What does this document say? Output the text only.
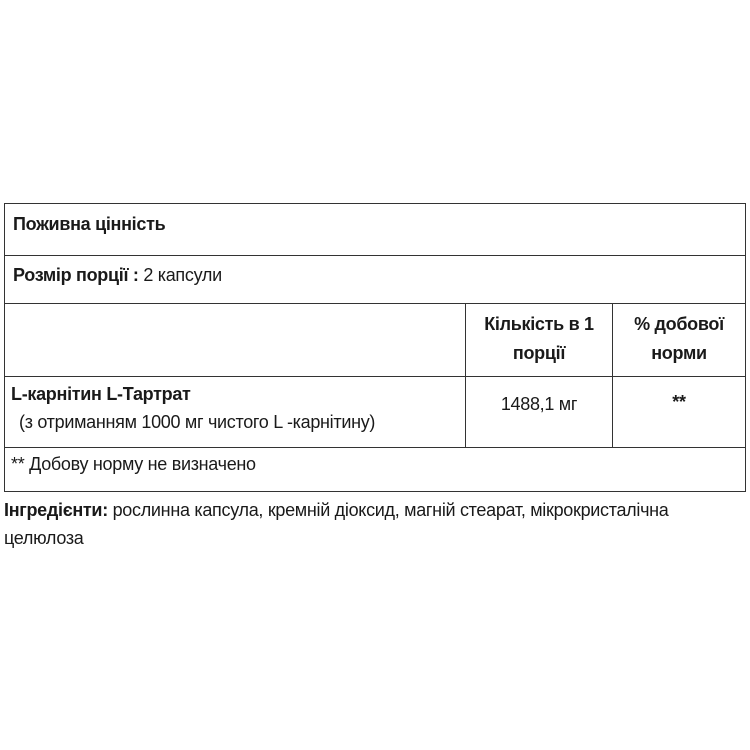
Поживна цінність
Розмір порції : 2 капсули
Кількість в 1 порції
% добової норми
L-карнітин L-Тартрат
(з отриманням 1000 мг чистого L -карнітину)
1488,1 мг	**
** Добову норму не визначено
Інгредієнти: рослинна капсула, кремній діоксид, магній стеарат, мікрокристалічна целюлоза
